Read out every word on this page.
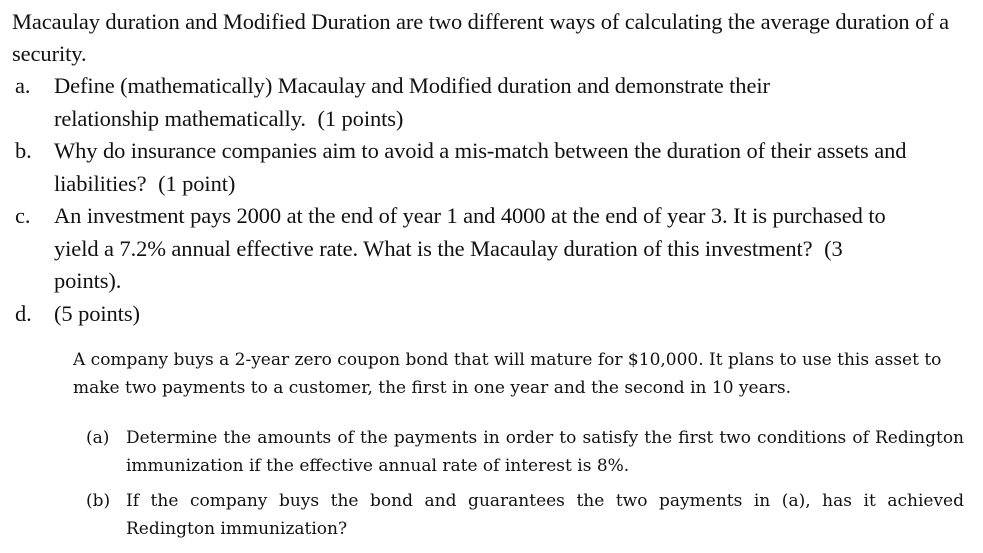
Macaulay duration and Modified Duration are two different ways of calculating the average duration of a security.
a.	Define (mathematically) Macaulay and Modified duration and demonstrate their relationship mathematically. (1 points)
b. Why do insurance companies aim to avoid a mis-match between the duration of their assets and liabilities? (1 point)
c.	An investment pays 2000 at the end of year 1 and 4000 at the end of year 3. It is purchased to yield a 7.2% annual effective rate. What is the Macaulay duration of this investment? (3 points).
d. (5 points)
A company buys a 2-year zero coupon bond that will mature for $10,000. It plans to use this asset to make two payments to a customer, the first in one year and the second in 10 years.
(a) Determine the amounts of the payments in order to satisfy the first two conditions of Redington immunization if the effective annual rate of interest is 8%.
(b) If the company buys the bond and guarantees the two payments in (a), has it achieved Redington immunization?
